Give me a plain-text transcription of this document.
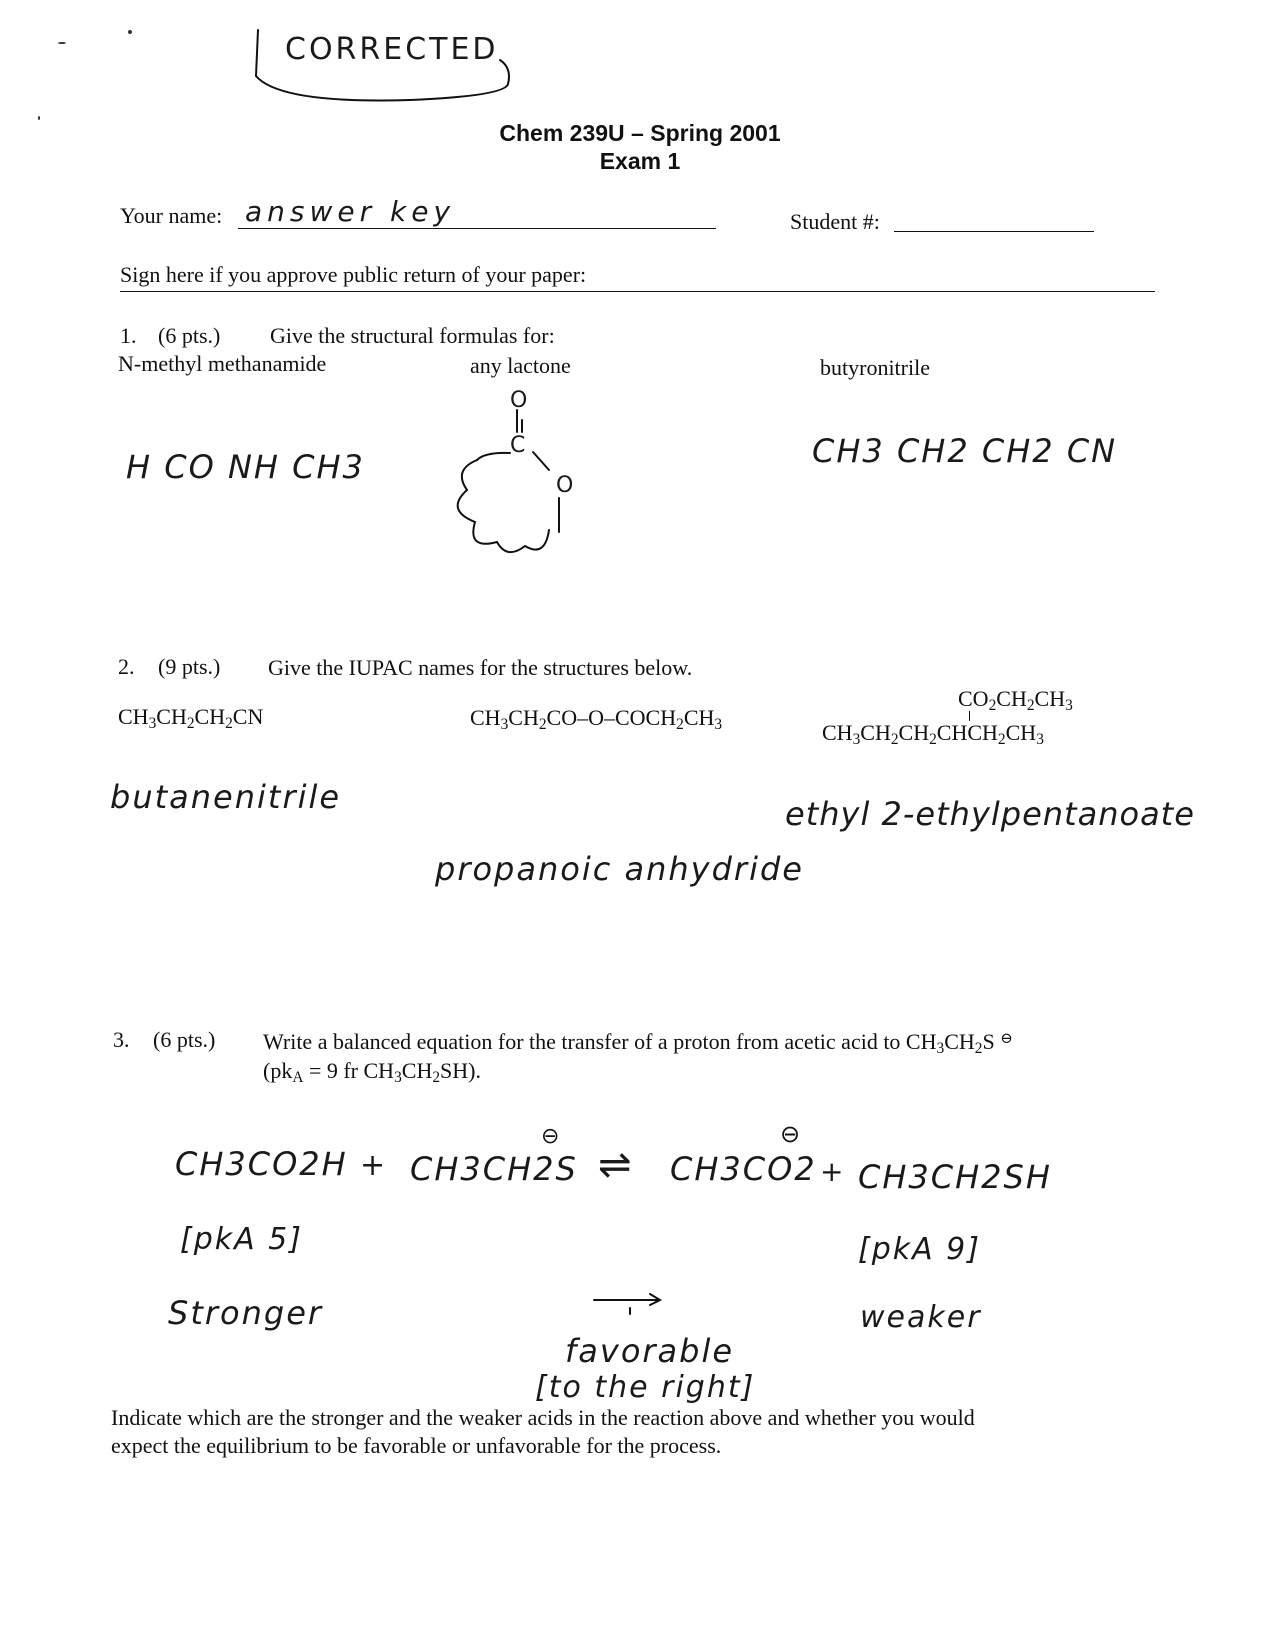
CORRECTED
Chem 239U – Spring 2001
Exam 1
Your name: answer key	Student #:
Sign here if you approve public return of your paper:
1. (6 pts.) Give the structural formulas for:
N-methyl methanamide	any lactone	butyronitrile
H CO NH CH3	CH3 CH2 CH2 CN
O
C
O
2. (9 pts.) Give the IUPAC names for the structures below.
$CH_3CH_2CH_2CN$	$CH_3CH_2CO-O-COCH_2CH_3$
$CO_2CH_2CH_3$
$CH_3CH_2CH_2CHCH_2CH_3$
butanenitrile
propanoic anhydride
ethyl 2-ethylpentanoate
3. (6 pts.) Write a balanced equation for the transfer of a proton from acetic acid to $CH_3CH_2S$ ⊖
($pk_A = 9$ fr $CH_3CH_2SH$).
CH3CO2H + CH3CH2S
⊖
⇌ CH3CO2
⊖
+ CH3CH2SH
[pkA 5]	[pkA 9]
Stronger	weaker
favorable
[to the right]
Indicate which are the stronger and the weaker acids in the reaction above and whether you would
expect the equilibrium to be favorable or unfavorable for the process.
